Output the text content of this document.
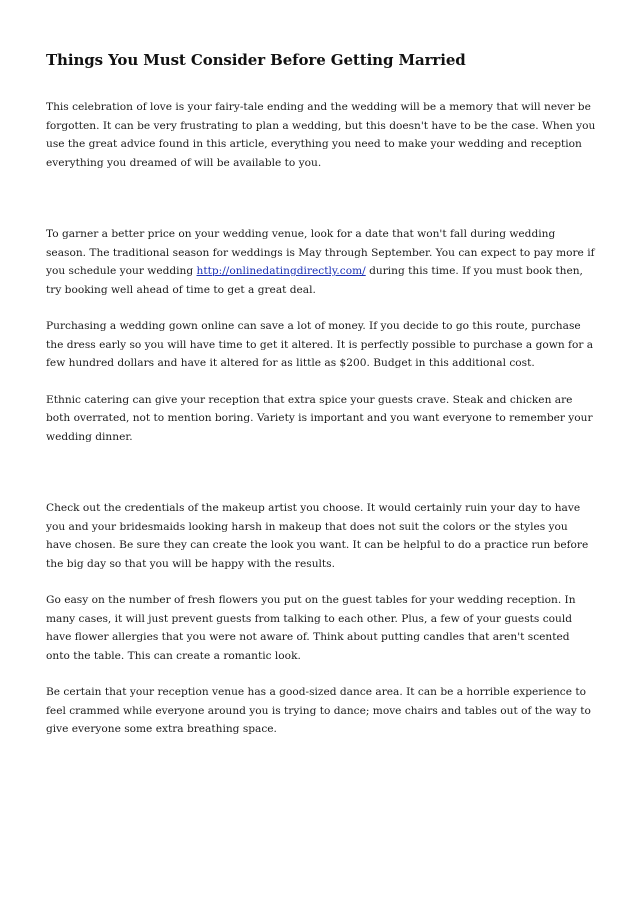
Things You Must Consider Before Getting Married

This celebration of love is your fairy-tale ending and the wedding will be a memory that will never be forgotten. It can be very frustrating to plan a wedding, but this doesn't have to be the case. When you use the great advice found in this article, everything you need to make your wedding and reception everything you dreamed of will be available to you.

To garner a better price on your wedding venue, look for a date that won't fall during wedding season. The traditional season for weddings is May through September. You can expect to pay more if you schedule your wedding http://onlinedatingdirectly.com/ during this time. If you must book then, try booking well ahead of time to get a great deal.

Purchasing a wedding gown online can save a lot of money. If you decide to go this route, purchase the dress early so you will have time to get it altered. It is perfectly possible to purchase a gown for a few hundred dollars and have it altered for as little as $200. Budget in this additional cost.

Ethnic catering can give your reception that extra spice your guests crave. Steak and chicken are both overrated, not to mention boring. Variety is important and you want everyone to remember your wedding dinner.

Check out the credentials of the makeup artist you choose. It would certainly ruin your day to have you and your bridesmaids looking harsh in makeup that does not suit the colors or the styles you have chosen. Be sure they can create the look you want. It can be helpful to do a practice run before the big day so that you will be happy with the results.

Go easy on the number of fresh flowers you put on the guest tables for your wedding reception. In many cases, it will just prevent guests from talking to each other. Plus, a few of your guests could have flower allergies that you were not aware of. Think about putting candles that aren't scented onto the table. This can create a romantic look.

Be certain that your reception venue has a good-sized dance area. It can be a horrible experience to feel crammed while everyone around you is trying to dance; move chairs and tables out of the way to give everyone some extra breathing space.
